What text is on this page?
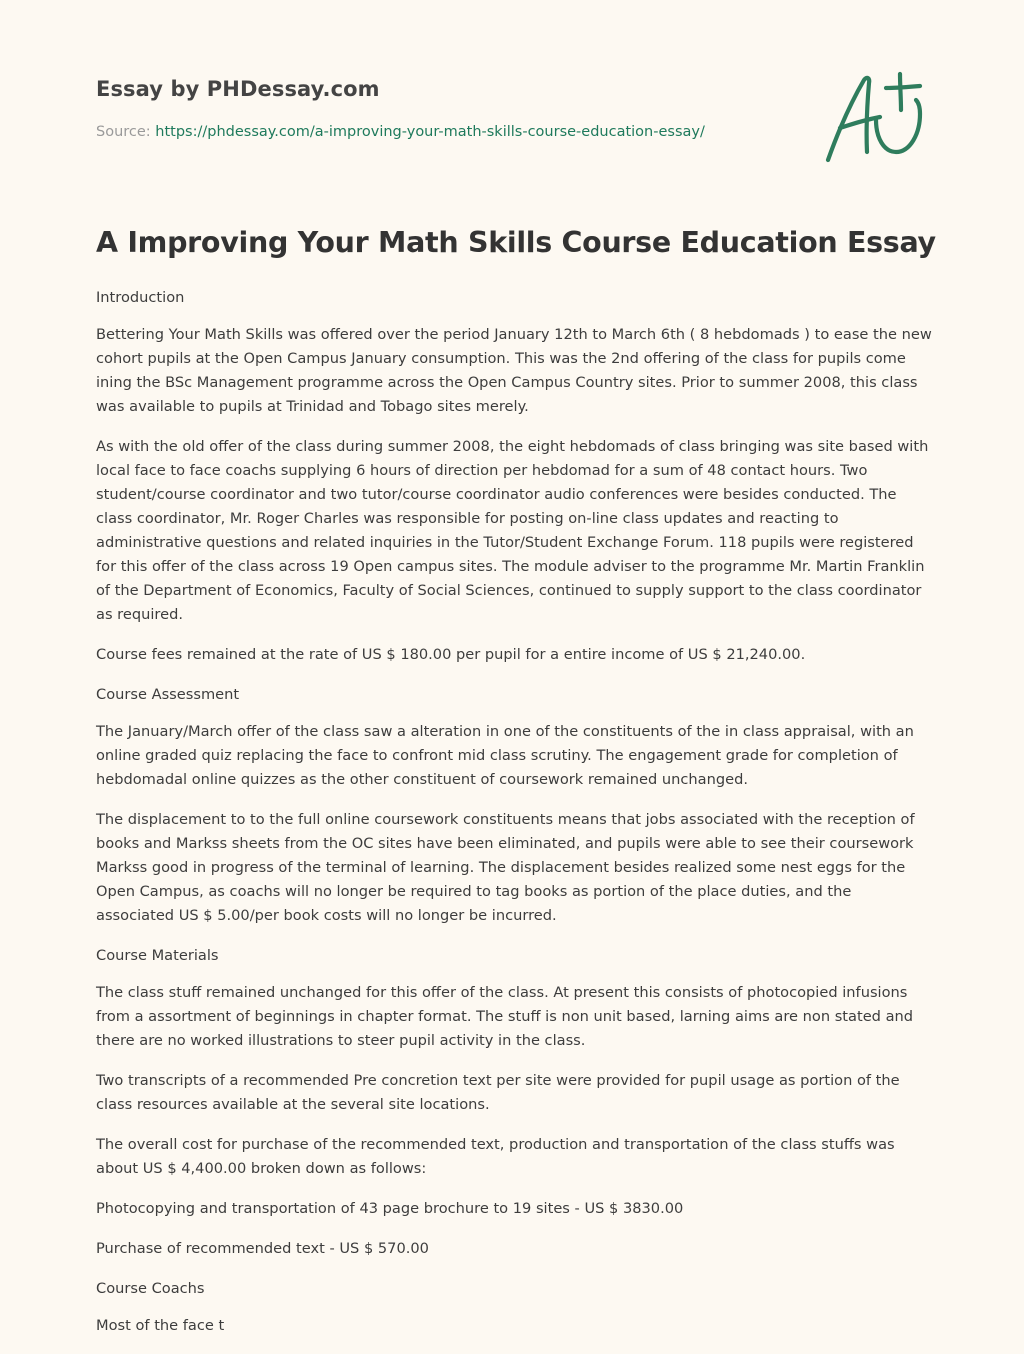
Essay by PHDessay.com

Source: https://phdessay.com/a-improving-your-math-skills-course-education-essay/

A Improving Your Math Skills Course Education Essay

Introduction

Bettering Your Math Skills was offered over the period January 12th to March 6th ( 8 hebdomads ) to ease the new cohort pupils at the Open Campus January consumption. This was the 2nd offering of the class for pupils come ining the BSc Management programme across the Open Campus Country sites. Prior to summer 2008, this class was available to pupils at Trinidad and Tobago sites merely.

As with the old offer of the class during summer 2008, the eight hebdomads of class bringing was site based with local face to face coachs supplying 6 hours of direction per hebdomad for a sum of 48 contact hours. Two student/course coordinator and two tutor/course coordinator audio conferences were besides conducted. The class coordinator, Mr. Roger Charles was responsible for posting on-line class updates and reacting to administrative questions and related inquiries in the Tutor/Student Exchange Forum. 118 pupils were registered for this offer of the class across 19 Open campus sites. The module adviser to the programme Mr. Martin Franklin of the Department of Economics, Faculty of Social Sciences, continued to supply support to the class coordinator as required.

Course fees remained at the rate of US $ 180.00 per pupil for a entire income of US $ 21,240.00.

Course Assessment

The January/March offer of the class saw a alteration in one of the constituents of the in class appraisal, with an online graded quiz replacing the face to confront mid class scrutiny. The engagement grade for completion of hebdomadal online quizzes as the other constituent of coursework remained unchanged.

The displacement to to the full online coursework constituents means that jobs associated with the reception of books and Markss sheets from the OC sites have been eliminated, and pupils were able to see their coursework Markss good in progress of the terminal of learning. The displacement besides realized some nest eggs for the Open Campus, as coachs will no longer be required to tag books as portion of the place duties, and the associated US $ 5.00/per book costs will no longer be incurred.

Course Materials

The class stuff remained unchanged for this offer of the class. At present this consists of photocopied infusions from a assortment of beginnings in chapter format. The stuff is non unit based, larning aims are non stated and there are no worked illustrations to steer pupil activity in the class.

Two transcripts of a recommended Pre concretion text per site were provided for pupil usage as portion of the class resources available at the several site locations.

The overall cost for purchase of the recommended text, production and transportation of the class stuffs was about US $ 4,400.00 broken down as follows:

Photocopying and transportation of 43 page brochure to 19 sites - US $ 3830.00

Purchase of recommended text - US $ 570.00

Course Coachs

Most of the face t
